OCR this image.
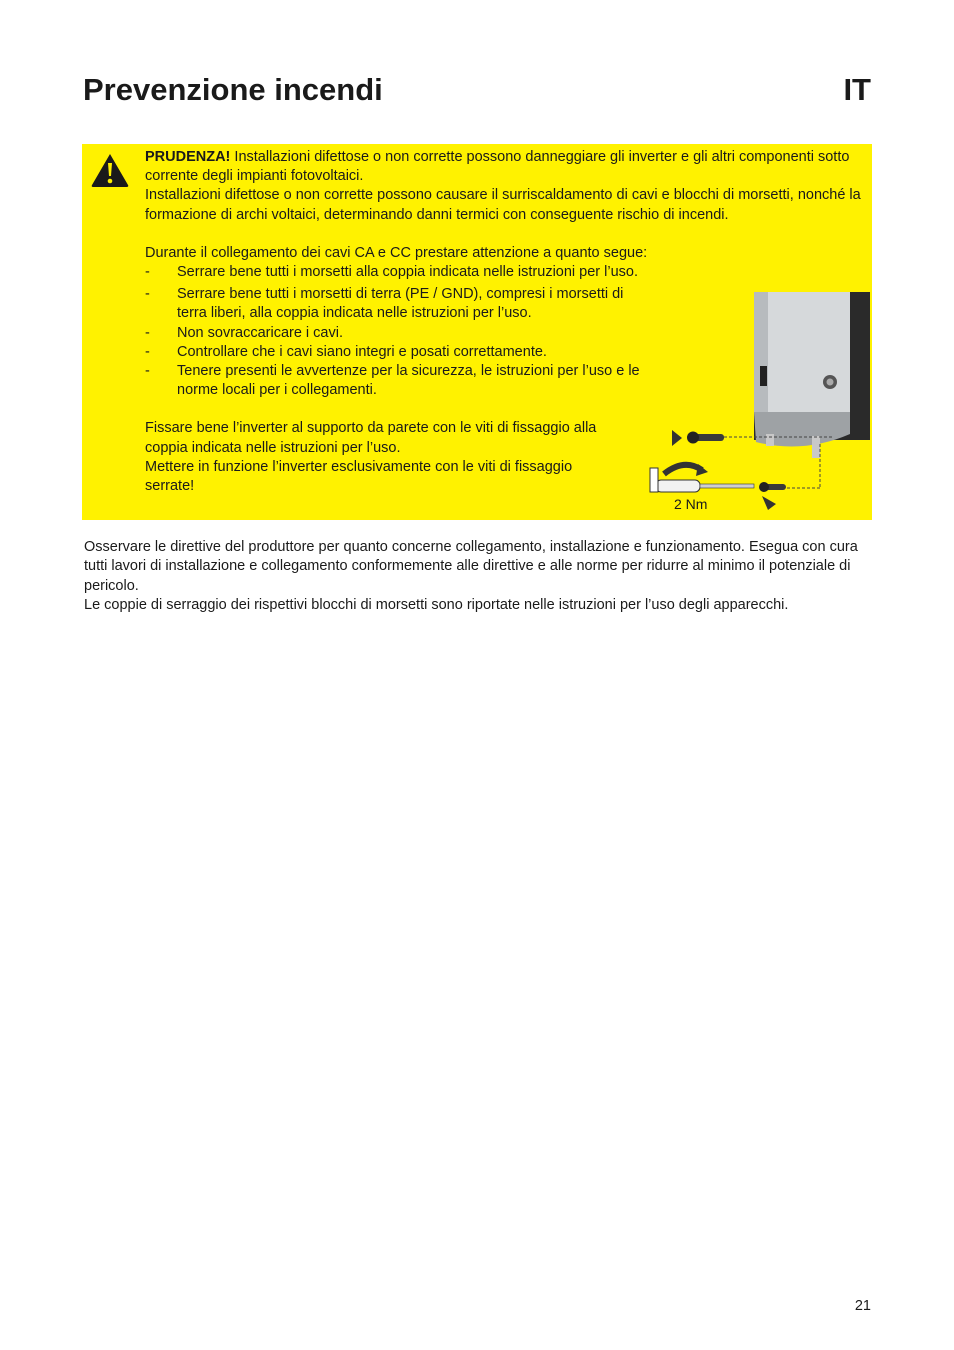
Prevenzione incendi	IT

PRUDENZA! Installazioni difettose o non corrette possono danneggiare gli inverter e gli altri componenti sotto corrente degli impianti fotovoltaici.

Installazioni difettose o non corrette possono causare il surriscaldamento di cavi e blocchi di morsetti, nonché la formazione di archi voltaici, determinando danni termici con conseguente rischio di incendi.

Durante il collegamento dei cavi CA e CC prestare attenzione a quanto segue:

- Serrare bene tutti i morsetti alla coppia indicata nelle istruzioni per l’uso.
- Serrare bene tutti i morsetti di terra (PE / GND), compresi i morsetti di terra liberi, alla coppia indicata nelle istruzioni per l’uso.
- Non sovraccaricare i cavi.
- Controllare che i cavi siano integri e posati correttamente.
- Tenere presenti le avvertenze per la sicurezza, le istruzioni per l’uso e le norme locali per i collegamenti.

Fissare bene l’inverter al supporto da parete con le viti di fissaggio alla coppia indicata nelle istruzioni per l’uso.

Mettere in funzione l’inverter esclusivamente con le viti di fissaggio serrate!

2 Nm

Osservare le direttive del produttore per quanto concerne collegamento, installazione e funzionamento. Esegua con cura tutti lavori di installazione e collegamento conformemente alle direttive e alle norme per ridurre al minimo il potenziale di pericolo.

Le coppie di serraggio dei rispettivi blocchi di morsetti sono riportate nelle istruzioni per l’uso degli apparecchi.

21
